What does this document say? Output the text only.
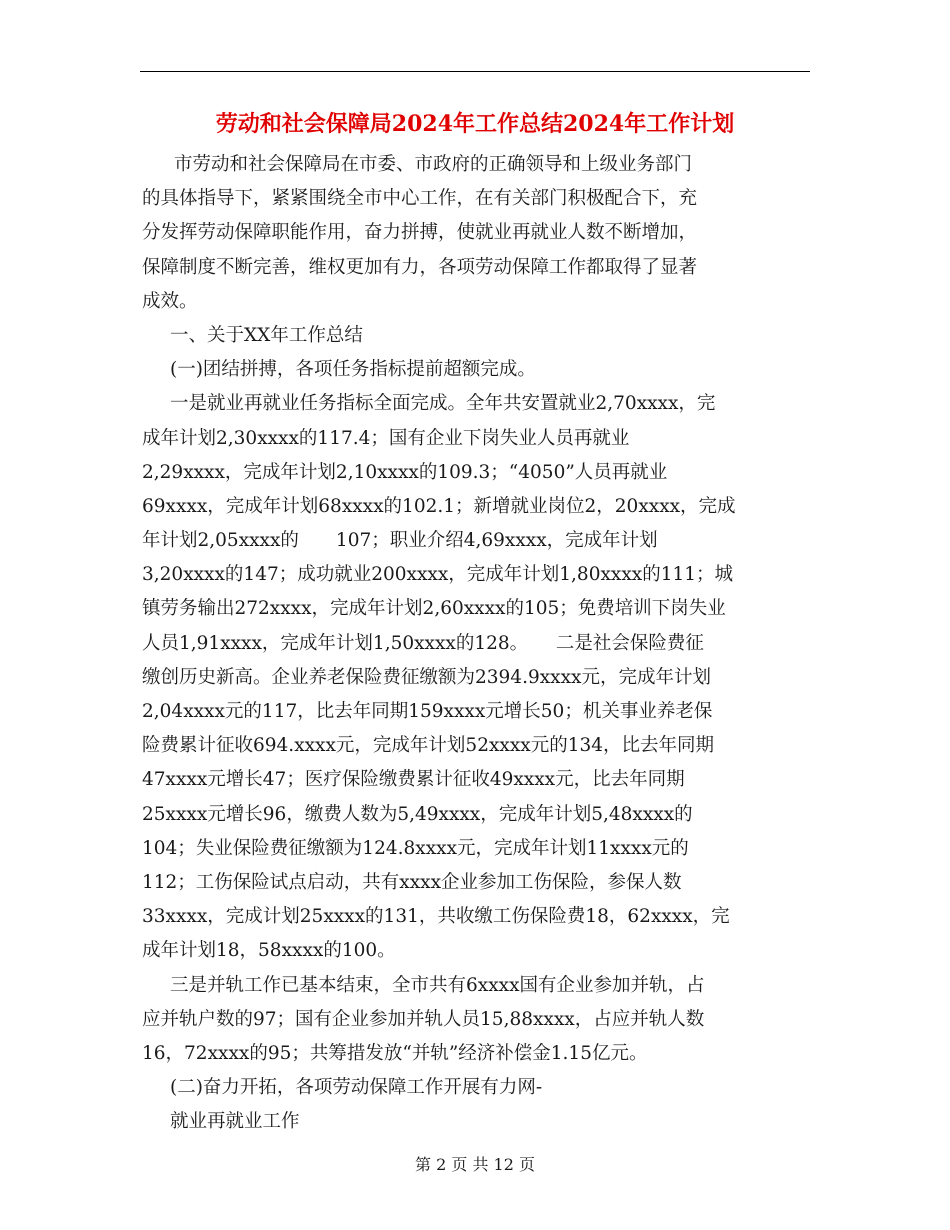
劳动和社会保障局2024年工作总结2024年工作计划
市劳动和社会保障局在市委、市政府的正确领导和上级业务部门
的具体指导下，紧紧围绕全市中心工作，在有关部门积极配合下，充
分发挥劳动保障职能作用，奋力拼搏，使就业再就业人数不断增加，
保障制度不断完善，维权更加有力，各项劳动保障工作都取得了显著
成效。
一、关于XX年工作总结
(一)团结拼搏，各项任务指标提前超额完成。
一是就业再就业任务指标全面完成。全年共安置就业2,70xxxx，完
成年计划2,30xxxx的117.4；国有企业下岗失业人员再就业
2,29xxxx，完成年计划2,10xxxx的109.3；“4050”人员再就业
69xxxx，完成年计划68xxxx的102.1；新增就业岗位2，20xxxx，完成
年计划2,05xxxx的　　107；职业介绍4,69xxxx，完成年计划
3,20xxxx的147；成功就业200xxxx，完成年计划1,80xxxx的111；城
镇劳务输出272xxxx，完成年计划2,60xxxx的105；免费培训下岗失业
人员1,91xxxx，完成年计划1,50xxxx的128。　　二是社会保险费征
缴创历史新高。企业养老保险费征缴额为2394.9xxxx元，完成年计划
2,04xxxx元的117，比去年同期159xxxx元增长50；机关事业养老保
险费累计征收694.xxxx元，完成年计划52xxxx元的134，比去年同期
47xxxx元增长47；医疗保险缴费累计征收49xxxx元，比去年同期
25xxxx元增长96，缴费人数为5,49xxxx，完成年计划5,48xxxx的
104；失业保险费征缴额为124.8xxxx元，完成年计划11xxxx元的
112；工伤保险试点启动，共有xxxx企业参加工伤保险，参保人数
33xxxx，完成计划25xxxx的131，共收缴工伤保险费18，62xxxx，完
成年计划18，58xxxx的100。
三是并轨工作已基本结束，全市共有6xxxx国有企业参加并轨，占
应并轨户数的97；国有企业参加并轨人员15,88xxxx，占应并轨人数
16，72xxxx的95；共筹措发放“并轨”经济补偿金1.15亿元。
(二)奋力开拓，各项劳动保障工作开展有力网-
就业再就业工作
第 2 页 共 12 页
